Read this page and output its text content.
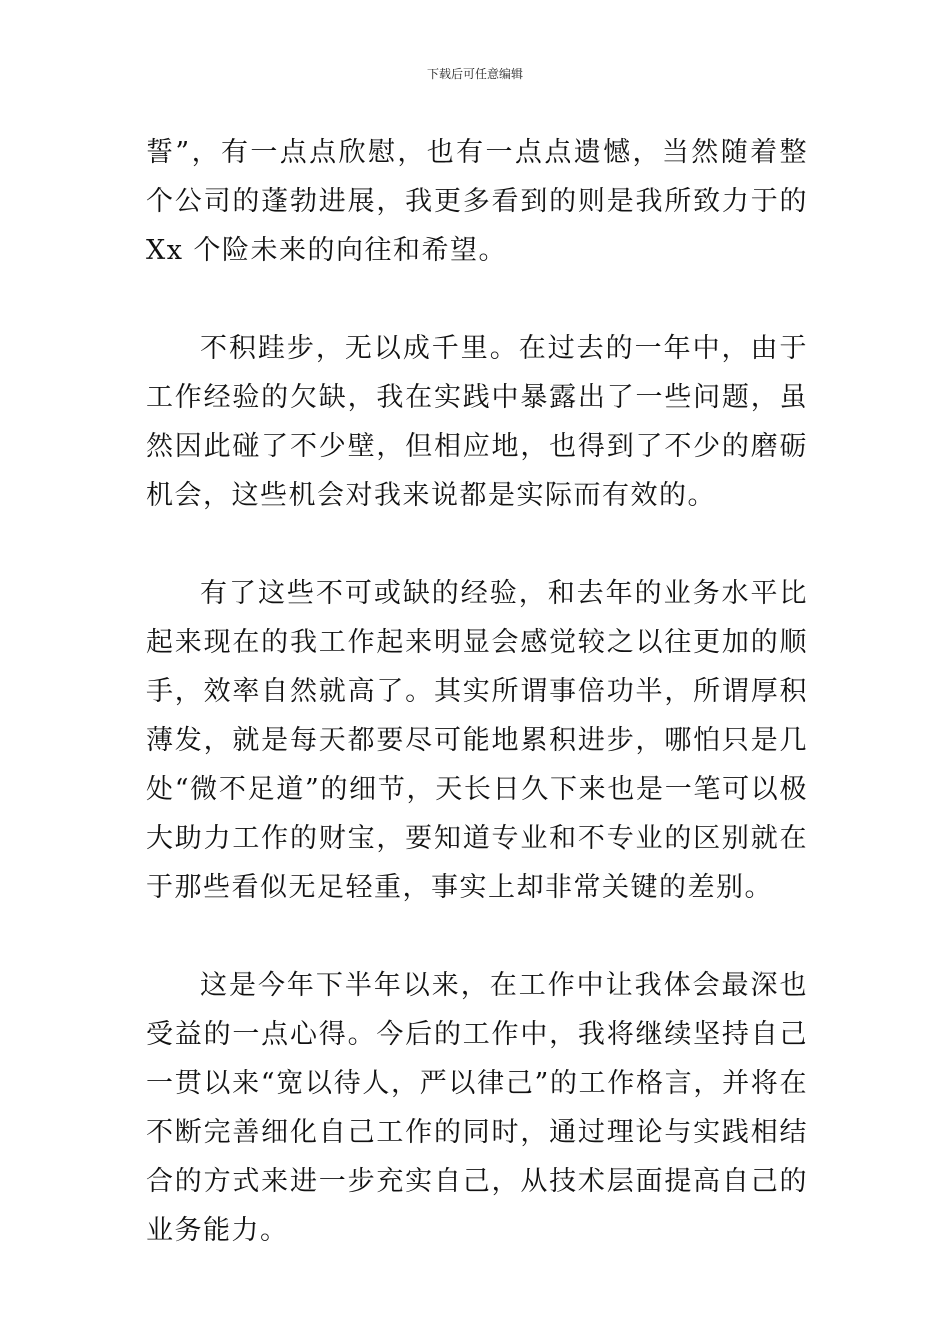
下载后可任意编辑

誓”，有一点点欣慰，也有一点点遗憾，当然随着整个公司的蓬勃进展，我更多看到的则是我所致力于的 Xx 个险未来的向往和希望。

不积跬步，无以成千里。在过去的一年中，由于工作经验的欠缺，我在实践中暴露出了一些问题，虽然因此碰了不少壁，但相应地，也得到了不少的磨砺机会，这些机会对我来说都是实际而有效的。

有了这些不可或缺的经验，和去年的业务水平比起来现在的我工作起来明显会感觉较之以往更加的顺手，效率自然就高了。其实所谓事倍功半，所谓厚积薄发，就是每天都要尽可能地累积进步，哪怕只是几处“微不足道”的细节，天长日久下来也是一笔可以极大助力工作的财宝，要知道专业和不专业的区别就在于那些看似无足轻重，事实上却非常关键的差别。

这是今年下半年以来，在工作中让我体会最深也受益的一点心得。今后的工作中，我将继续坚持自己一贯以来“宽以待人，严以律己”的工作格言，并将在不断完善细化自己工作的同时，通过理论与实践相结合的方式来进一步充实自己，从技术层面提高自己的业务能力。
